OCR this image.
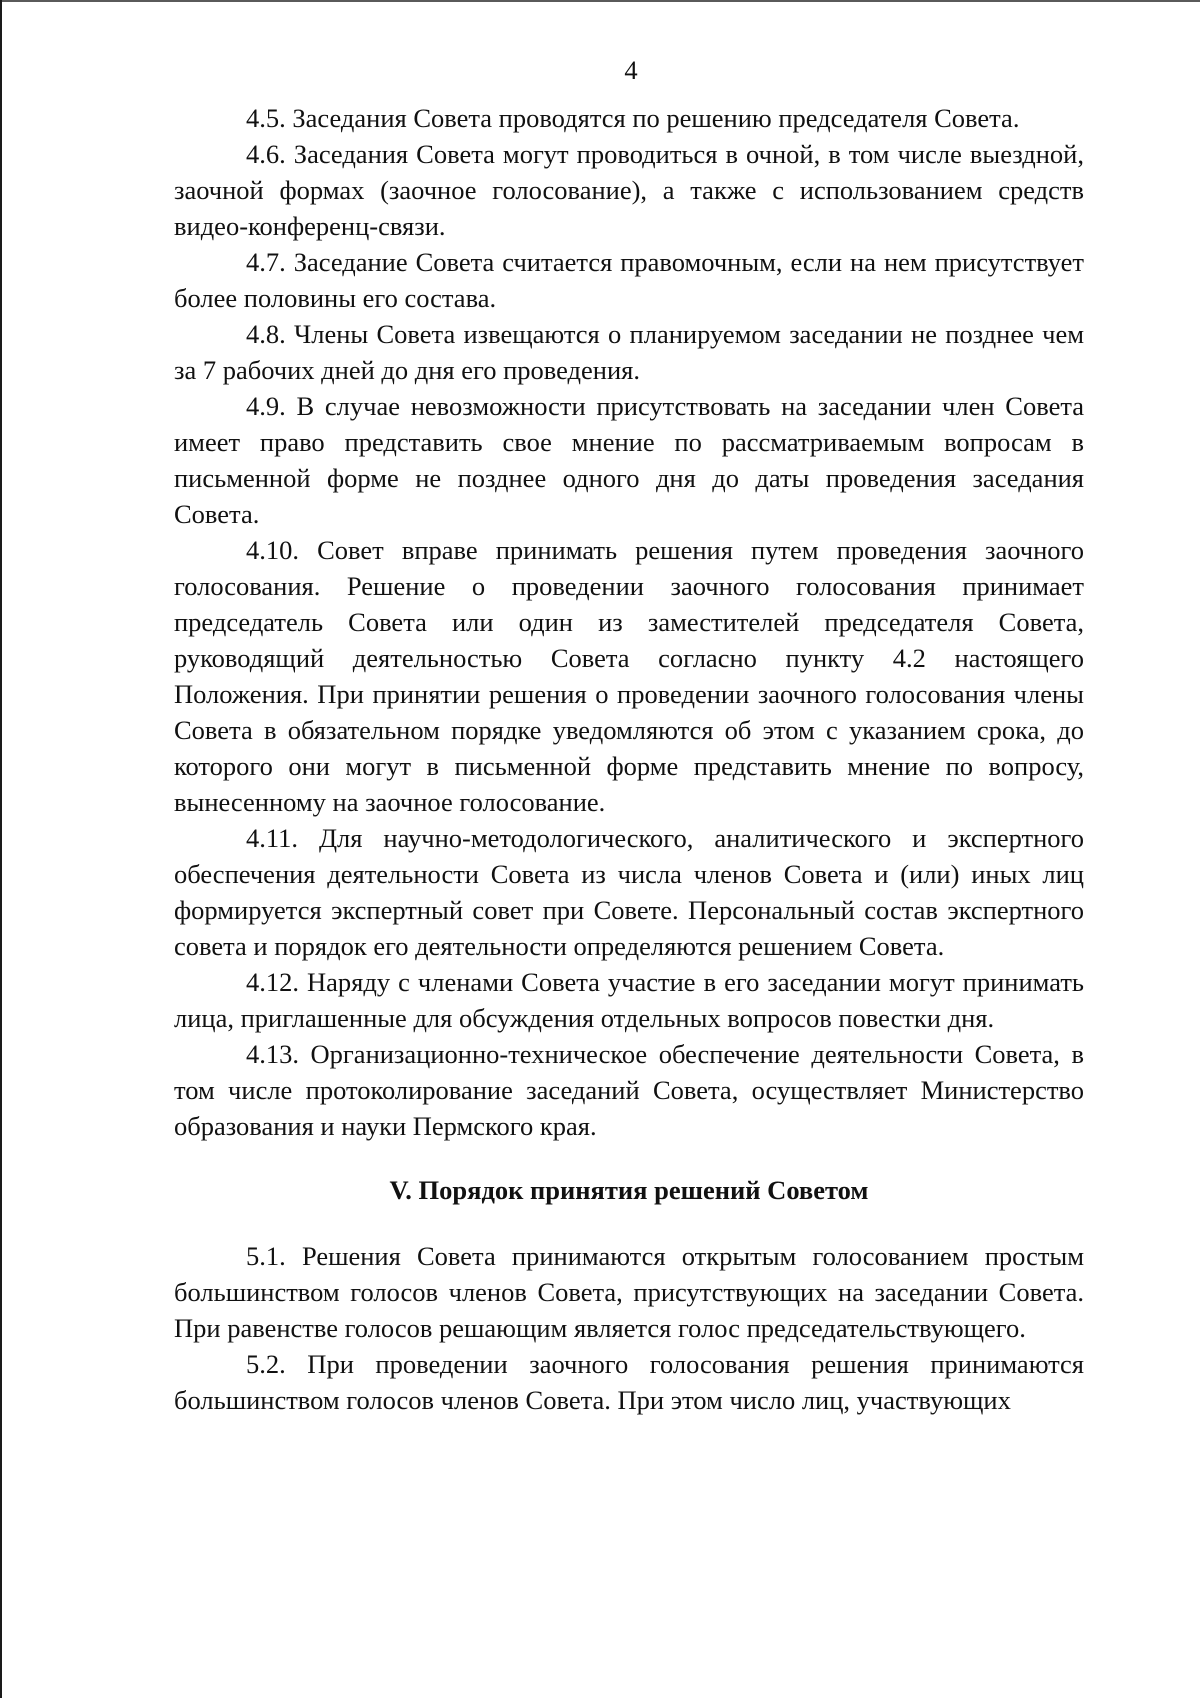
4

4.5. Заседания Совета проводятся по решению председателя Совета.

4.6. Заседания Совета могут проводиться в очной, в том числе выездной, заочной формах (заочное голосование), а также с использованием средств видео-конференц-связи.

4.7. Заседание Совета считается правомочным, если на нем присутствует более половины его состава.

4.8. Члены Совета извещаются о планируемом заседании не позднее чем за 7 рабочих дней до дня его проведения.

4.9. В случае невозможности присутствовать на заседании член Совета имеет право представить свое мнение по рассматриваемым вопросам в письменной форме не позднее одного дня до даты проведения заседания Совета.

4.10. Совет вправе принимать решения путем проведения заочного голосования. Решение о проведении заочного голосования принимает председатель Совета или один из заместителей председателя Совета, руководящий деятельностью Совета согласно пункту 4.2 настоящего Положения. При принятии решения о проведении заочного голосования члены Совета в обязательном порядке уведомляются об этом с указанием срока, до которого они могут в письменной форме представить мнение по вопросу, вынесенному на заочное голосование.

4.11. Для научно-методологического, аналитического и экспертного обеспечения деятельности Совета из числа членов Совета и (или) иных лиц формируется экспертный совет при Совете. Персональный состав экспертного совета и порядок его деятельности определяются решением Совета.

4.12. Наряду с членами Совета участие в его заседании могут принимать лица, приглашенные для обсуждения отдельных вопросов повестки дня.

4.13. Организационно-техническое обеспечение деятельности Совета, в том числе протоколирование заседаний Совета, осуществляет Министерство образования и науки Пермского края.

V. Порядок принятия решений Советом

5.1. Решения Совета принимаются открытым голосованием простым большинством голосов членов Совета, присутствующих на заседании Совета. При равенстве голосов решающим является голос председательствующего.

5.2. При проведении заочного голосования решения принимаются большинством голосов членов Совета. При этом число лиц, участвующих
